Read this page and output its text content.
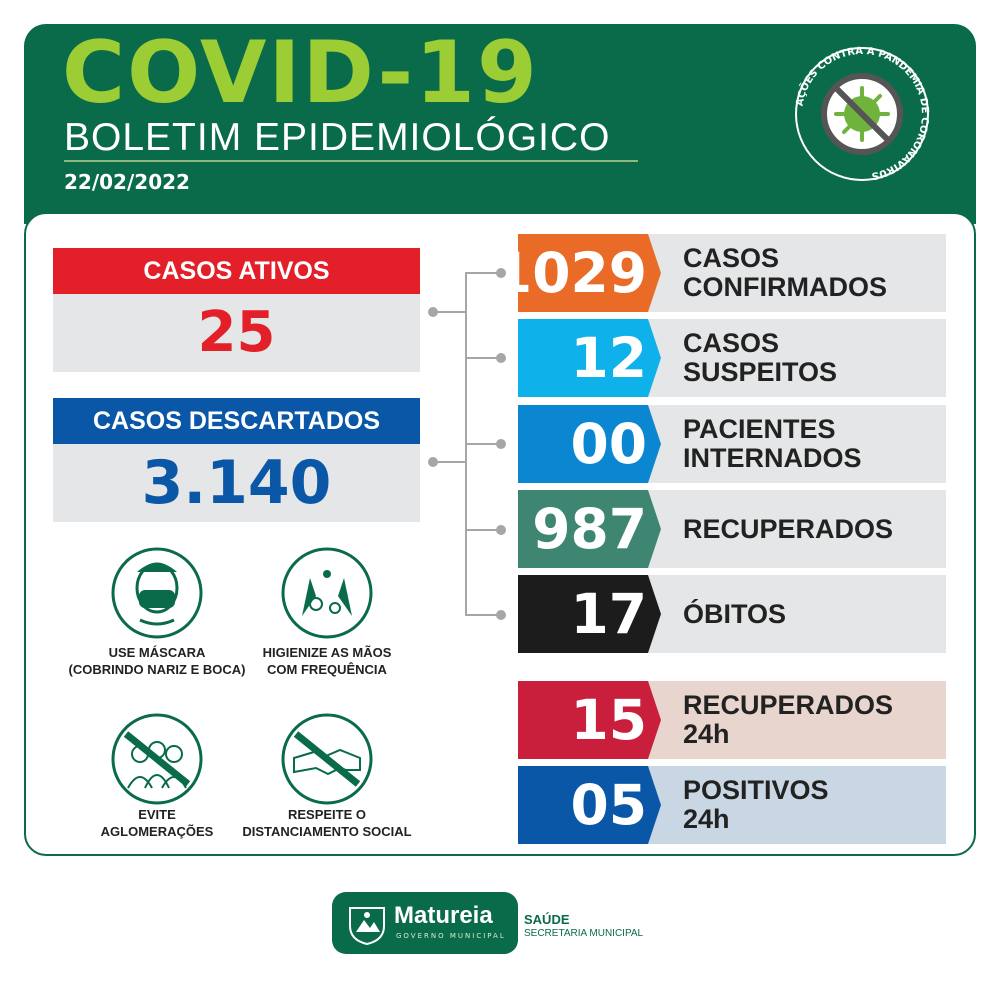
COVID-19
BOLETIM EPIDEMIOLÓGICO
22/02/2022
AÇÕES CONTRA A PANDEMIA DE CORONAVIRUS
CASOS ATIVOS
25
CASOS DESCARTADOS
3.140
1029 CASOS
CONFIRMADOS
12 CASOS
SUSPEITOS
00 PACIENTES
INTERNADOS
987 RECUPERADOS
17 ÓBITOS
15 RECUPERADOS
24h
05 POSITIVOS
24h
USE MÁSCARA
(COBRINDO NARIZ E BOCA)
HIGIENIZE AS MÃOS
COM FREQUÊNCIA
EVITE
AGLOMERAÇÕES
RESPEITE O
DISTANCIAMENTO SOCIAL
Matureia
GOVERNO MUNICIPAL
SAÚDE
SECRETARIA MUNICIPAL
